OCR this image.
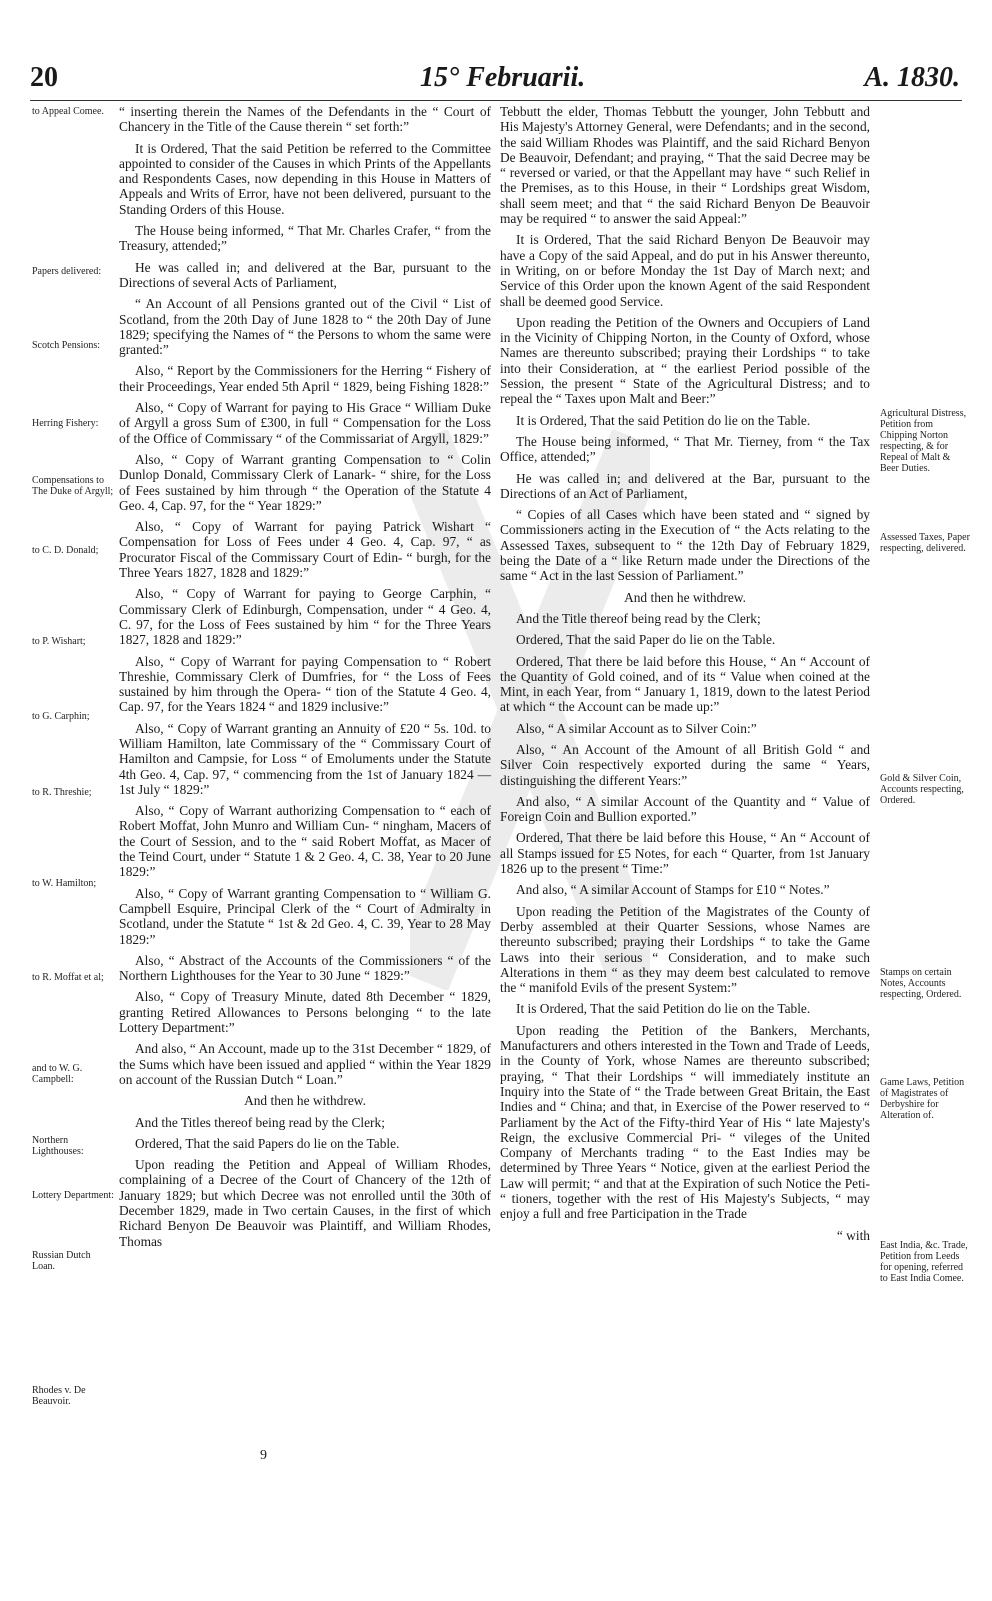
20	15° Februarii.	A. 1830.
to Appeal Comee.
Papers delivered:
Scotch Pensions:
Herring Fishery:
Compensations to The Duke of Argyll;
to C. D. Donald;
to P. Wishart;
to G. Carphin;
to R. Threshie;
to W. Hamilton;
to R. Moffat et al;
and to W. G. Campbell:
Northern Lighthouses:
Lottery Department:
Russian Dutch Loan.
Rhodes v. De Beauvoir.

“ inserting therein the Names of the Defendants in the “ Court of Chancery in the Title of the Cause therein “ set forth:”

It is Ordered, That the said Petition be referred to the Committee appointed to consider of the Causes in which Prints of the Appellants and Respondents Cases, now depending in this House in Matters of Appeals and Writs of Error, have not been delivered, pursuant to the Standing Orders of this House.

The House being informed, “ That Mr. Charles Crafer, “ from the Treasury, attended;”

He was called in; and delivered at the Bar, pursuant to the Directions of several Acts of Parliament,

“ An Account of all Pensions granted out of the Civil “ List of Scotland, from the 20th Day of June 1828 to “ the 20th Day of June 1829; specifying the Names of “ the Persons to whom the same were granted:”

Also, “ Report by the Commissioners for the Herring “ Fishery of their Proceedings, Year ended 5th April “ 1829, being Fishing 1828:”

Also, “ Copy of Warrant for paying to His Grace “ William Duke of Argyll a gross Sum of £300, in full “ Compensation for the Loss of the Office of Commissary “ of the Commissariat of Argyll, 1829:”

Also, “ Copy of Warrant granting Compensation to “ Colin Dunlop Donald, Commissary Clerk of Lanark- “ shire, for the Loss of Fees sustained by him through “ the Operation of the Statute 4 Geo. 4, Cap. 97, for the “ Year 1829:”

Also, “ Copy of Warrant for paying Patrick Wishart “ Compensation for Loss of Fees under 4 Geo. 4, Cap. 97, “ as Procurator Fiscal of the Commissary Court of Edin- “ burgh, for the Three Years 1827, 1828 and 1829:”

Also, “ Copy of Warrant for paying to George Carphin, “ Commissary Clerk of Edinburgh, Compensation, under “ 4 Geo. 4, C. 97, for the Loss of Fees sustained by him “ for the Three Years 1827, 1828 and 1829:”

Also, “ Copy of Warrant for paying Compensation to “ Robert Threshie, Commissary Clerk of Dumfries, for “ the Loss of Fees sustained by him through the Opera- “ tion of the Statute 4 Geo. 4, Cap. 97, for the Years 1824 “ and 1829 inclusive:”

Also, “ Copy of Warrant granting an Annuity of £20 “ 5s. 10d. to William Hamilton, late Commissary of the “ Commissary Court of Hamilton and Campsie, for Loss “ of Emoluments under the Statute 4th Geo. 4, Cap. 97, “ commencing from the 1st of January 1824 — 1st July “ 1829:”

Also, “ Copy of Warrant authorizing Compensation to “ each of Robert Moffat, John Munro and William Cun- “ ningham, Macers of the Court of Session, and to the “ said Robert Moffat, as Macer of the Teind Court, under “ Statute 1 & 2 Geo. 4, C. 38, Year to 20 June 1829:”

Also, “ Copy of Warrant granting Compensation to “ William G. Campbell Esquire, Principal Clerk of the “ Court of Admiralty in Scotland, under the Statute “ 1st & 2d Geo. 4, C. 39, Year to 28 May 1829:”

Also, “ Abstract of the Accounts of the Commissioners “ of the Northern Lighthouses for the Year to 30 June “ 1829:”

Also, “ Copy of Treasury Minute, dated 8th December “ 1829, granting Retired Allowances to Persons belonging “ to the late Lottery Department:”

And also, “ An Account, made up to the 31st December “ 1829, of the Sums which have been issued and applied “ within the Year 1829 on account of the Russian Dutch “ Loan.”

And then he withdrew.

And the Titles thereof being read by the Clerk;

Ordered, That the said Papers do lie on the Table.

Upon reading the Petition and Appeal of William Rhodes, complaining of a Decree of the Court of Chancery of the 12th of January 1829; but which Decree was not enrolled until the 30th of December 1829, made in Two certain Causes, in the first of which Richard Benyon De Beauvoir was Plaintiff, and William Rhodes, Thomas

Tebbutt the elder, Thomas Tebbutt the younger, John Tebbutt and His Majesty's Attorney General, were Defendants; and in the second, the said William Rhodes was Plaintiff, and the said Richard Benyon De Beauvoir, Defendant; and praying, “ That the said Decree may be “ reversed or varied, or that the Appellant may have “ such Relief in the Premises, as to this House, in their “ Lordships great Wisdom, shall seem meet; and that “ the said Richard Benyon De Beauvoir may be required “ to answer the said Appeal:”

It is Ordered, That the said Richard Benyon De Beauvoir may have a Copy of the said Appeal, and do put in his Answer thereunto, in Writing, on or before Monday the 1st Day of March next; and Service of this Order upon the known Agent of the said Respondent shall be deemed good Service.

Upon reading the Petition of the Owners and Occupiers of Land in the Vicinity of Chipping Norton, in the County of Oxford, whose Names are thereunto subscribed; praying their Lordships “ to take into their Consideration, at “ the earliest Period possible of the Session, the present “ State of the Agricultural Distress; and to repeal the “ Taxes upon Malt and Beer:”

It is Ordered, That the said Petition do lie on the Table.

The House being informed, “ That Mr. Tierney, from “ the Tax Office, attended;”

He was called in; and delivered at the Bar, pursuant to the Directions of an Act of Parliament,

“ Copies of all Cases which have been stated and “ signed by Commissioners acting in the Execution of “ the Acts relating to the Assessed Taxes, subsequent to “ the 12th Day of February 1829, being the Date of a “ like Return made under the Directions of the same “ Act in the last Session of Parliament.”

And then he withdrew.

And the Title thereof being read by the Clerk;

Ordered, That the said Paper do lie on the Table.

Ordered, That there be laid before this House, “ An “ Account of the Quantity of Gold coined, and of its “ Value when coined at the Mint, in each Year, from “ January 1, 1819, down to the latest Period at which “ the Account can be made up:”

Also, “ A similar Account as to Silver Coin:”

Also, “ An Account of the Amount of all British Gold “ and Silver Coin respectively exported during the same “ Years, distinguishing the different Years:”

And also, “ A similar Account of the Quantity and “ Value of Foreign Coin and Bullion exported.”

Ordered, That there be laid before this House, “ An “ Account of all Stamps issued for £5 Notes, for each “ Quarter, from 1st January 1826 up to the present “ Time:”

And also, “ A similar Account of Stamps for £10 “ Notes.”

Upon reading the Petition of the Magistrates of the County of Derby assembled at their Quarter Sessions, whose Names are thereunto subscribed; praying their Lordships “ to take the Game Laws into their serious “ Consideration, and to make such Alterations in them “ as they may deem best calculated to remove the “ manifold Evils of the present System:”

It is Ordered, That the said Petition do lie on the Table.

Upon reading the Petition of the Bankers, Merchants, Manufacturers and others interested in the Town and Trade of Leeds, in the County of York, whose Names are thereunto subscribed; praying, “ That their Lordships “ will immediately institute an Inquiry into the State of “ the Trade between Great Britain, the East Indies and “ China; and that, in Exercise of the Power reserved to “ Parliament by the Act of the Fifty-third Year of His “ late Majesty's Reign, the exclusive Commercial Pri- “ vileges of the United Company of Merchants trading “ to the East Indies may be determined by Three Years “ Notice, given at the earliest Period the Law will permit; “ and that at the Expiration of such Notice the Peti- “ tioners, together with the rest of His Majesty's Subjects, “ may enjoy a full and free Participation in the Trade

“ with

Agricultural Distress, Petition from Chipping Norton respecting, & for Repeal of Malt & Beer Duties.
Assessed Taxes, Paper respecting, delivered.
Gold & Silver Coin, Accounts respecting, Ordered.
Stamps on certain Notes, Accounts respecting, Ordered.
Game Laws, Petition of Magistrates of Derbyshire for Alteration of.
East India, &c. Trade, Petition from Leeds for opening, referred to East India Comee.
9
